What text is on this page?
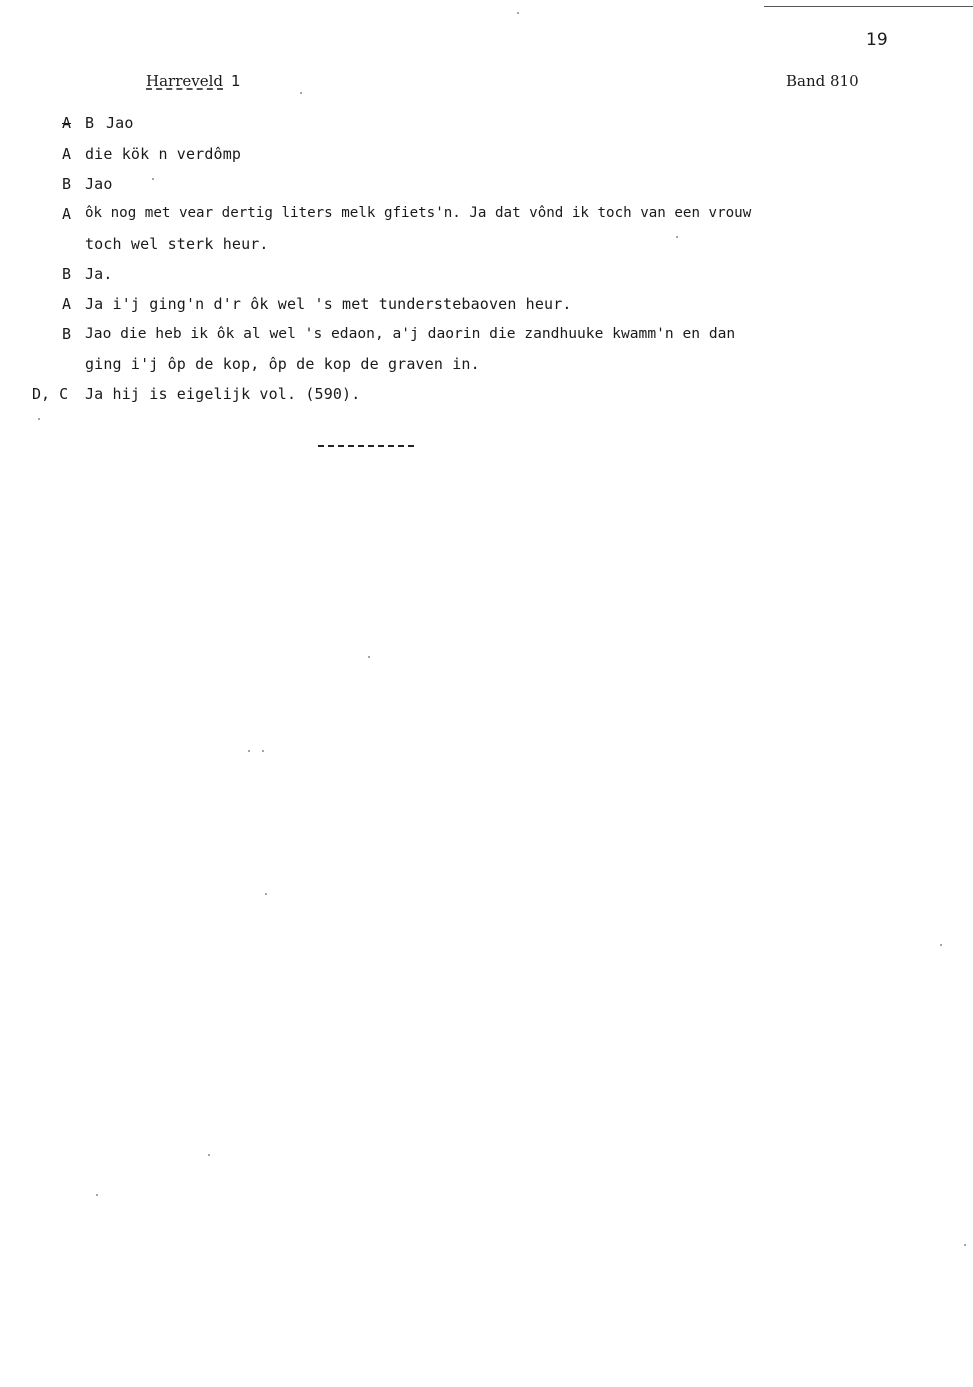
19
Harreveld 1	Band 810
A B Jao
A die kök n verdômp
B Jao
A ôk nog met vear dertig liters melk gfiets'n. Ja dat vônd ik toch van een vrouw
toch wel sterk heur.
B Ja.
A Ja i'j ging'n d'r ôk wel 's met tunderstebaoven heur.
B Jao die heb ik ôk al wel 's edaon, a'j daorin die zandhuuke kwamm'n en dan
ging i'j ôp de kop, ôp de kop de graven in.
D, C Ja hij is eigelijk vol. (590).
